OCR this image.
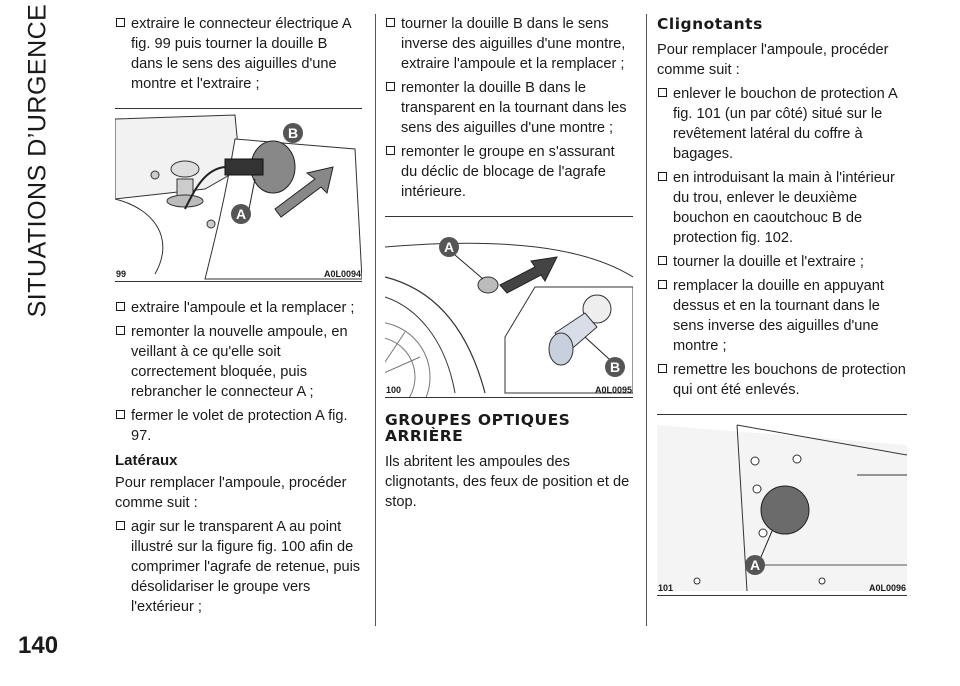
SITUATIONS D’URGENCE
140

extraire le connecteur électrique A fig. 99 puis tourner la douille B dans le sens des aiguilles d'une montre et l'extraire ;

B
A
99	A0L0094

extraire l'ampoule et la remplacer ;

remonter la nouvelle ampoule, en veillant à ce qu'elle soit correctement bloquée, puis rebrancher le connecteur A ;

fermer le volet de protection A fig. 97.

Latéraux

Pour remplacer l'ampoule, procéder comme suit :

agir sur le transparent A au point illustré sur la figure fig. 100 afin de comprimer l'agrafe de retenue, puis désolidariser le groupe vers l'extérieur ;

tourner la douille B dans le sens inverse des aiguilles d'une montre, extraire l'ampoule et la remplacer ;

remonter la douille B dans le transparent en la tournant dans les sens des aiguilles d'une montre ;

remonter le groupe en s'assurant du déclic de blocage de l'agrafe intérieure.

A
B
100	A0L0095
GROUPES OPTIQUES ARRIÈRE

Ils abritent les ampoules des clignotants, des feux de position et de stop.

Clignotants

Pour remplacer l'ampoule, procéder comme suit :

enlever le bouchon de protection A fig. 101 (un par côté) situé sur le revêtement latéral du coffre à bagages.

en introduisant la main à l'intérieur du trou, enlever le deuxième bouchon en caoutchouc B de protection fig. 102.

tourner la douille et l'extraire ;

remplacer la douille en appuyant dessus et en la tournant dans le sens inverse des aiguilles d'une montre ;

remettre les bouchons de protection qui ont été enlevés.

A
101	A0L0096
